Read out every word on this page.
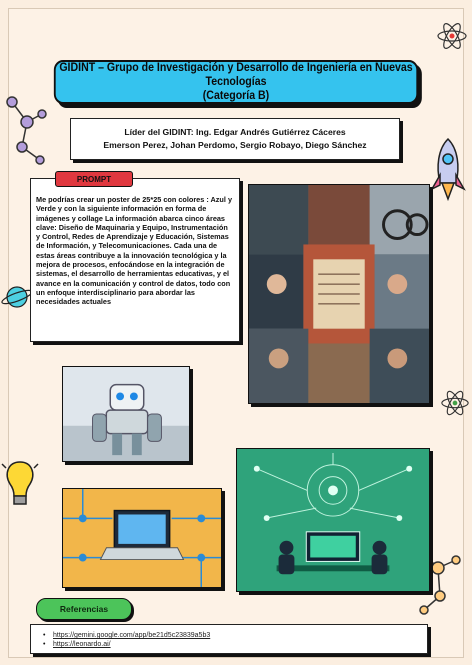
GIDINT – Grupo de Investigación y Desarrollo de Ingeniería en Nuevas Tecnologías
(Categoría B)
Líder del GIDINT: Ing. Edgar Andrés Gutiérrez Cáceres
Emerson Perez, Johan Perdomo, Sergio Robayo, Diego Sánchez
Me podrías crear un poster de 25*25 con colores : Azul y Verde y con la siguiente información en forma de imágenes y collage La información abarca cinco áreas clave: Diseño de Maquinaria y Equipo, Instrumentación y Control, Redes de Aprendizaje y Educación, Sistemas de Información, y Telecomunicaciones. Cada una de estas áreas contribuye a la innovación tecnológica y la mejora de procesos, enfocándose en la integración de sistemas, el desarrollo de herramientas educativas, y el avance en la comunicación y control de datos, todo con un enfoque interdisciplinario para abordar las necesidades actuales
PROMPT
Referencias
• https://gemini.google.com/app/be21d5c23839a5b3
• https://leonardo.ai/
